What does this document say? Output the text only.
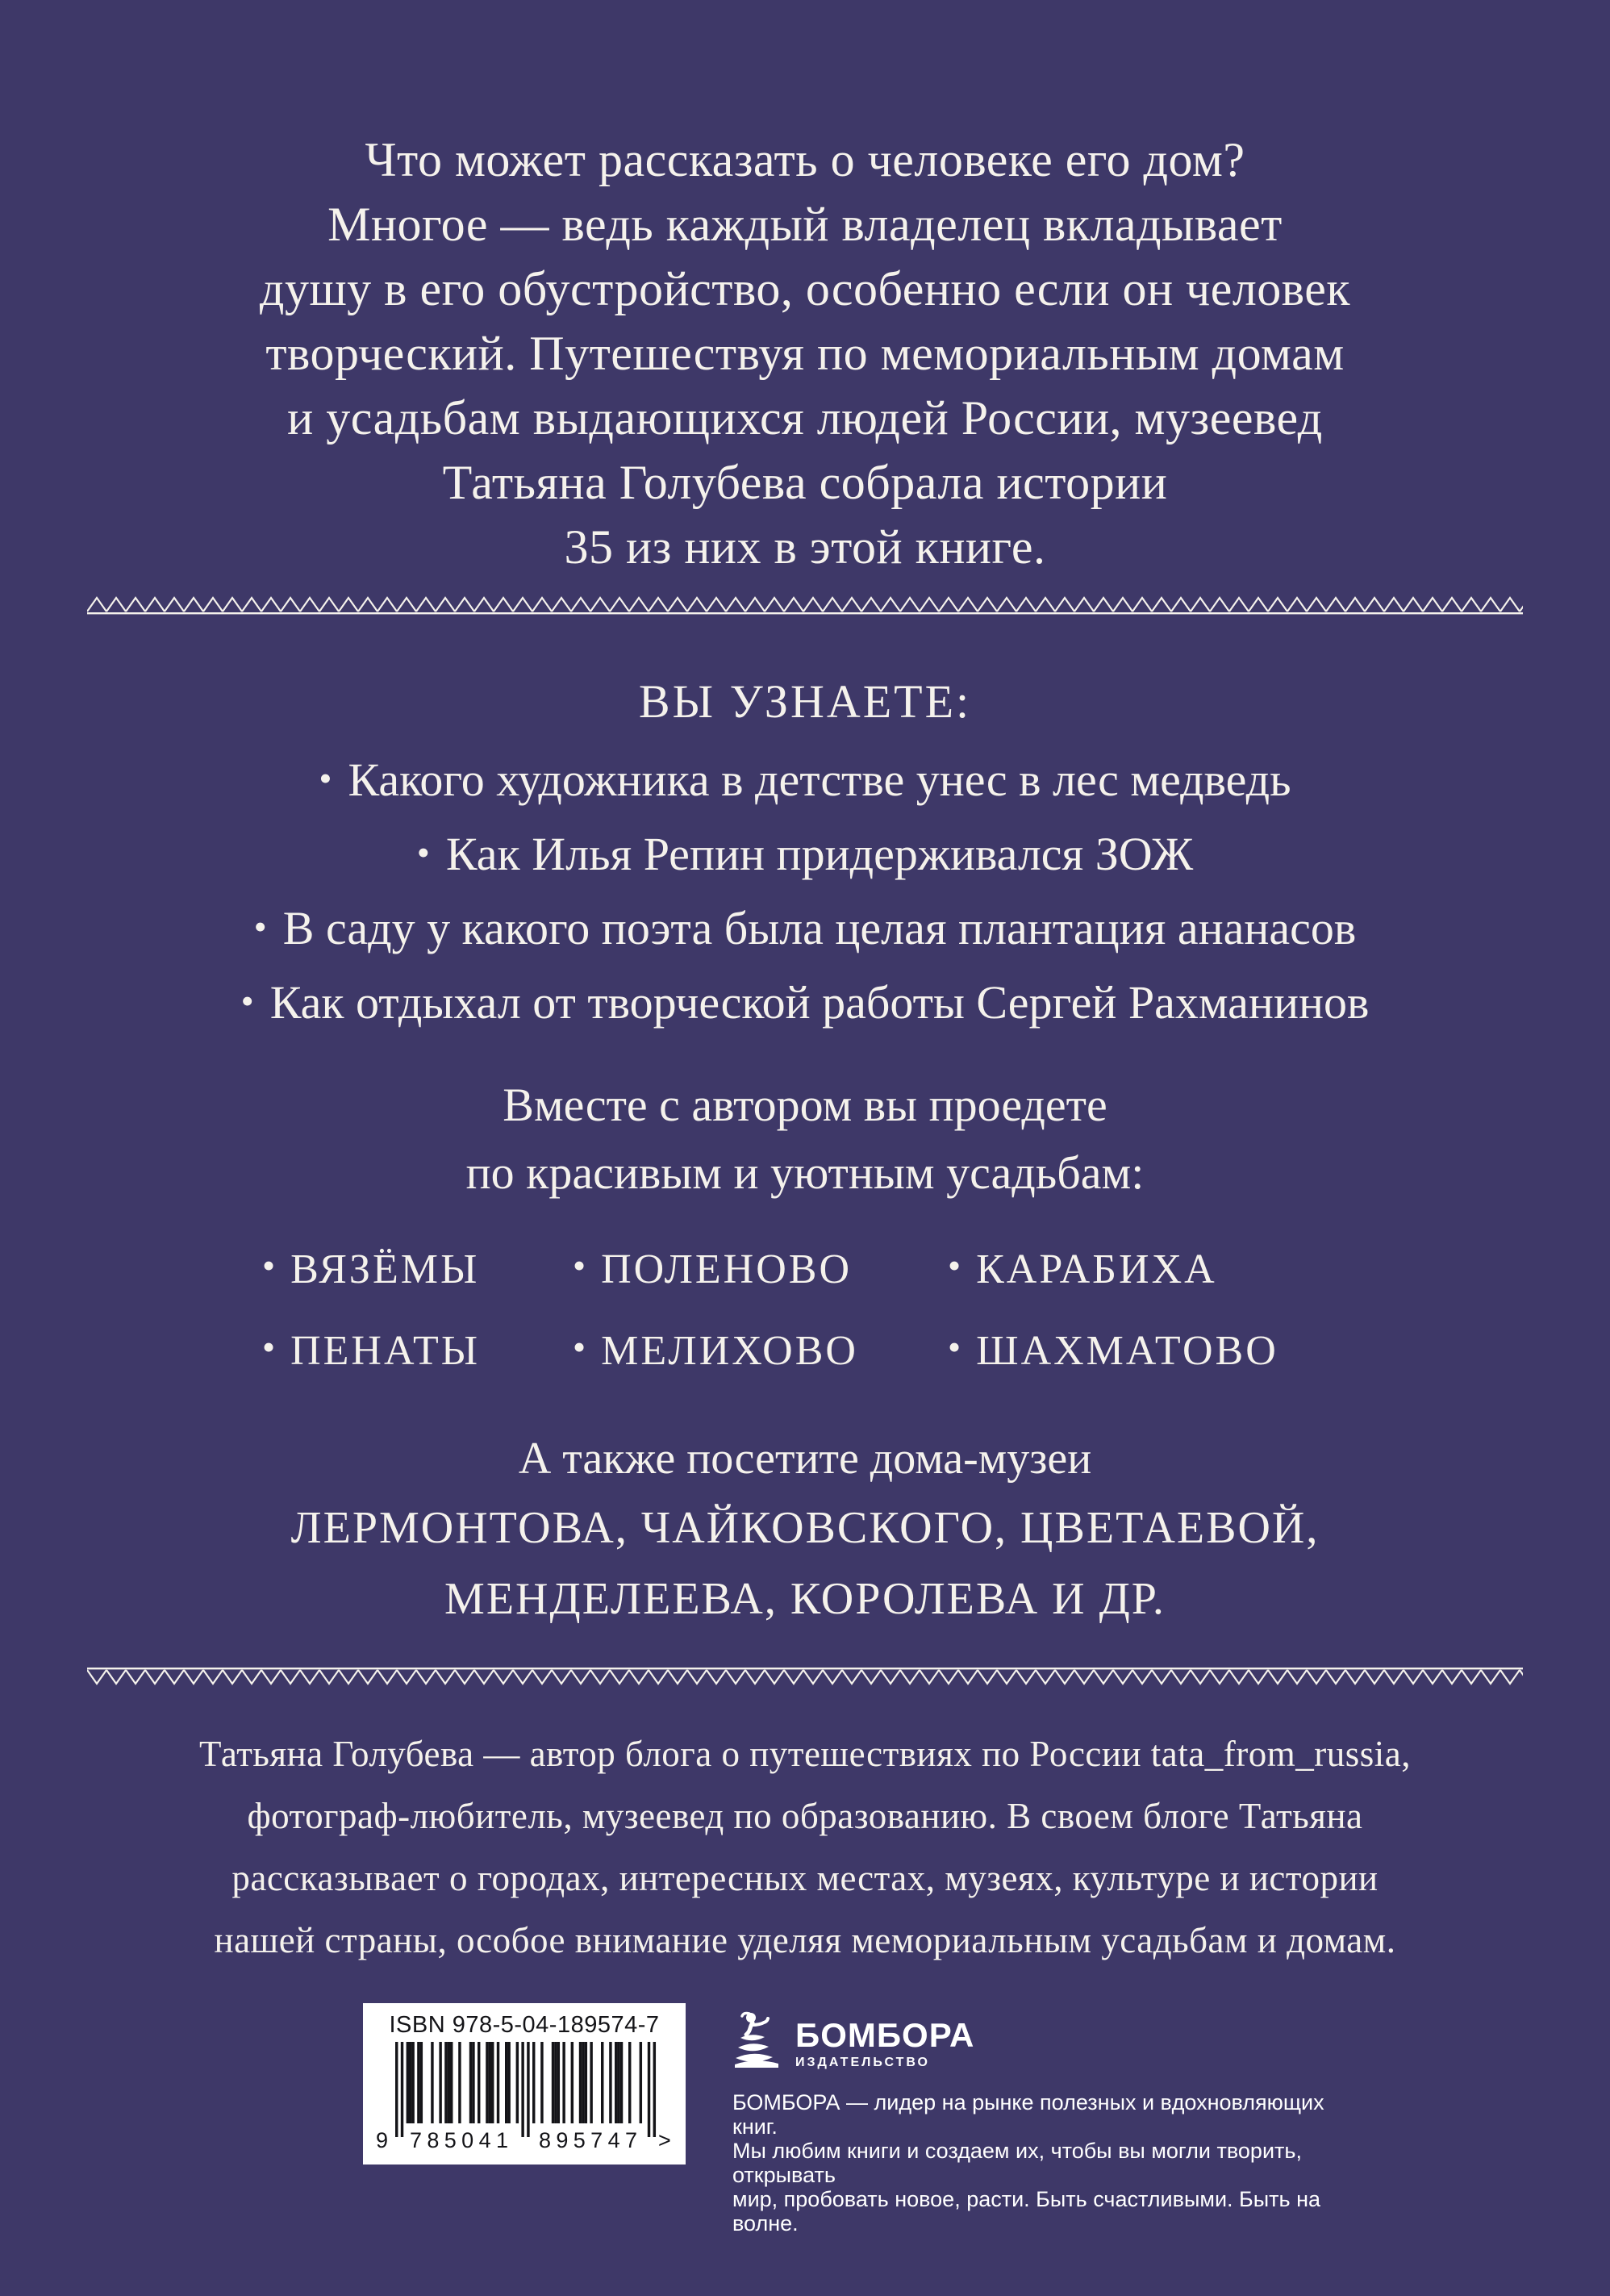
Что может рассказать о человеке его дом?
Многое — ведь каждый владелец вкладывает
душу в его обустройство, особенно если он человек
творческий. Путешествуя по мемориальным домам
и усадьбам выдающихся людей России, музеевед
Татьяна Голубева собрала истории
35 из них в этой книге.
ВЫ УЗНАЕТЕ:
• Какого художника в детстве унес в лес медведь
• Как Илья Репин придерживался ЗОЖ
• В саду у какого поэта была целая плантация ананасов
• Как отдыхал от творческой работы Сергей Рахманинов
Вместе с автором вы проедете
по красивым и уютным усадьбам:
• ВЯЗЁМЫ	• ПОЛЕНОВО	• КАРАБИХА
• ПЕНАТЫ	• МЕЛИХОВО	• ШАХМАТОВО
А также посетите дома-музеи
ЛЕРМОНТОВА, ЧАЙКОВСКОГО, ЦВЕТАЕВОЙ,
МЕНДЕЛЕЕВА, КОРОЛЕВА И ДР.
Татьяна Голубева — автор блога о путешествиях по России tata_from_russia,
фотограф-любитель, музеевед по образованию. В своем блоге Татьяна
рассказывает о городах, интересных местах, музеях, культуре и истории
нашей страны, особое внимание уделяя мемориальным усадьбам и домам.
ISBN 978-5-04-189574-7
9 785041 895747 >
БОМБОРА
ИЗДАТЕЛЬСТВО
БОМБОРА — лидер на рынке полезных и вдохновляющих книг.
Мы любим книги и создаем их, чтобы вы могли творить, открывать
мир, пробовать новое, расти. Быть счастливыми. Быть на волне.
